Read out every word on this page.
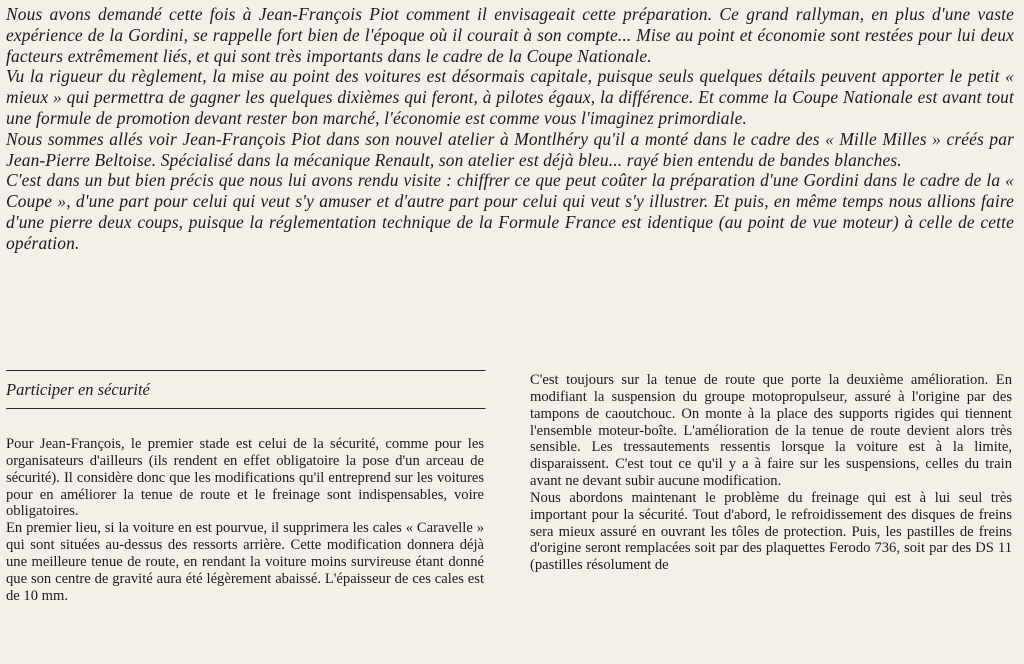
Nous avons demandé cette fois à Jean-François Piot comment il envisageait cette préparation. Ce grand rallyman, en plus d'une vaste expérience de la Gordini, se rappelle fort bien de l'époque où il courait à son compte... Mise au point et économie sont restées pour lui deux facteurs extrêmement liés, et qui sont très importants dans le cadre de la Coupe Nationale.

Vu la rigueur du règlement, la mise au point des voitures est désormais capitale, puisque seuls quelques détails peuvent apporter le petit « mieux » qui permettra de gagner les quelques dixièmes qui feront, à pilotes égaux, la différence. Et comme la Coupe Nationale est avant tout une formule de promotion devant rester bon marché, l'économie est comme vous l'imaginez primordiale.

Nous sommes allés voir Jean-François Piot dans son nouvel atelier à Montlhéry qu'il a monté dans le cadre des « Mille Milles » créés par Jean-Pierre Beltoise. Spécialisé dans la mécanique Renault, son atelier est déjà bleu... rayé bien entendu de bandes blanches.

C'est dans un but bien précis que nous lui avons rendu visite : chiffrer ce que peut coûter la préparation d'une Gordini dans le cadre de la « Coupe », d'une part pour celui qui veut s'y amuser et d'autre part pour celui qui veut s'y illustrer. Et puis, en même temps nous allions faire d'une pierre deux coups, puisque la réglementation technique de la Formule France est identique (au point de vue moteur) à celle de cette opération.

Participer en sécurité

Pour Jean-François, le premier stade est celui de la sécurité, comme pour les organisateurs d'ailleurs (ils rendent en effet obligatoire la pose d'un arceau de sécurité). Il considère donc que les modifications qu'il entreprend sur les voitures pour en améliorer la tenue de route et le freinage sont indispensables, voire obligatoires.

En premier lieu, si la voiture en est pourvue, il supprimera les cales « Caravelle » qui sont situées au-dessus des ressorts arrière. Cette modification donnera déjà une meilleure tenue de route, en rendant la voiture moins survireuse étant donné que son centre de gravité aura été légèrement abaissé. L'épaisseur de ces cales est de 10 mm.

C'est toujours sur la tenue de route que porte la deuxième amélioration. En modifiant la suspension du groupe motopropulseur, assuré à l'origine par des tampons de caoutchouc. On monte à la place des supports rigides qui tiennent l'ensemble moteur-boîte. L'amélioration de la tenue de route devient alors très sensible. Les tressautements ressentis lorsque la voiture est à la limite, disparaissent. C'est tout ce qu'il y a à faire sur les suspensions, celles du train avant ne devant subir aucune modification.

Nous abordons maintenant le problème du freinage qui est à lui seul très important pour la sécurité. Tout d'abord, le refroidissement des disques de freins sera mieux assuré en ouvrant les tôles de protection. Puis, les pastilles de freins d'origine seront remplacées soit par des plaquettes Ferodo 736, soit par des DS 11 (pastilles résolument de
